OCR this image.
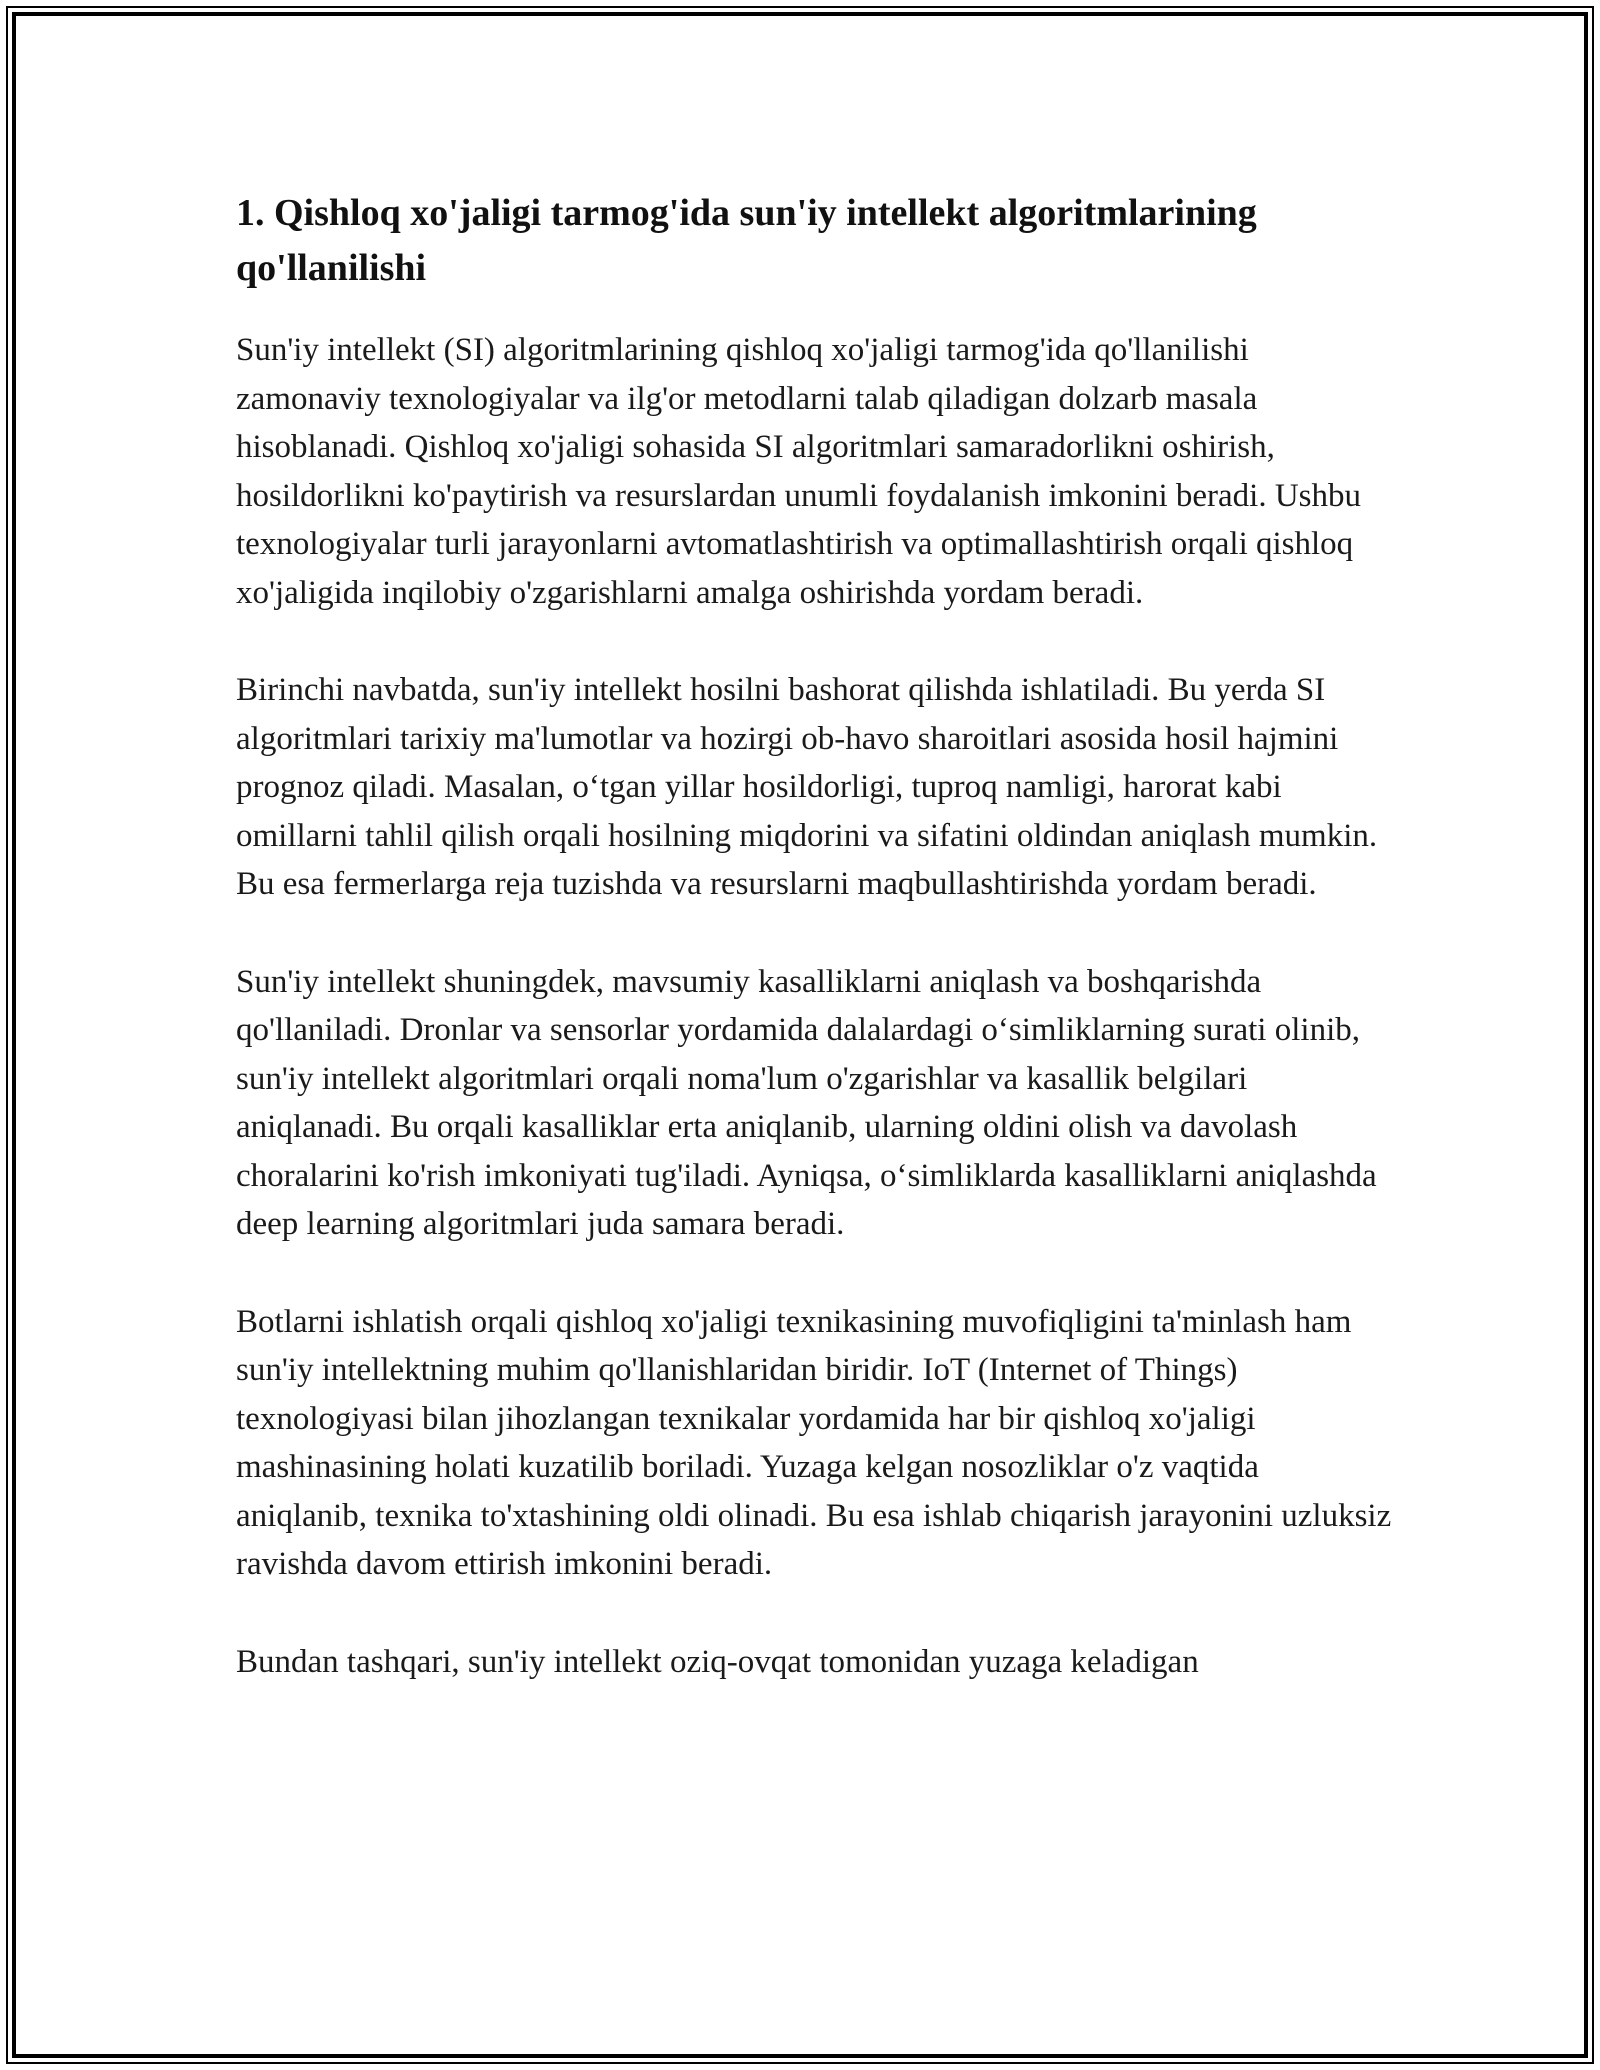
1. Qishloq xo'jaligi tarmog'ida sun'iy intellekt algoritmlarining qo'llanilishi

Sun'iy intellekt (SI) algoritmlarining qishloq xo'jaligi tarmog'ida qo'llanilishi zamonaviy texnologiyalar va ilg'or metodlarni talab qiladigan dolzarb masala hisoblanadi. Qishloq xo'jaligi sohasida SI algoritmlari samaradorlikni oshirish, hosildorlikni ko'paytirish va resurslardan unumli foydalanish imkonini beradi. Ushbu texnologiyalar turli jarayonlarni avtomatlashtirish va optimallashtirish orqali qishloq xo'jaligida inqilobiy o'zgarishlarni amalga oshirishda yordam beradi.

Birinchi navbatda, sun'iy intellekt hosilni bashorat qilishda ishlatiladi. Bu yerda SI algoritmlari tarixiy ma'lumotlar va hozirgi ob-havo sharoitlari asosida hosil hajmini prognoz qiladi. Masalan, o‘tgan yillar hosildorligi, tuproq namligi, harorat kabi omillarni tahlil qilish orqali hosilning miqdorini va sifatini oldindan aniqlash mumkin. Bu esa fermerlarga reja tuzishda va resurslarni maqbullashtirishda yordam beradi.

Sun'iy intellekt shuningdek, mavsumiy kasalliklarni aniqlash va boshqarishda qo'llaniladi. Dronlar va sensorlar yordamida dalalardagi o‘simliklarning surati olinib, sun'iy intellekt algoritmlari orqali noma'lum o'zgarishlar va kasallik belgilari aniqlanadi. Bu orqali kasalliklar erta aniqlanib, ularning oldini olish va davolash choralarini ko'rish imkoniyati tug'iladi. Ayniqsa, o‘simliklarda kasalliklarni aniqlashda deep learning algoritmlari juda samara beradi.

Botlarni ishlatish orqali qishloq xo'jaligi texnikasining muvofiqligini ta'minlash ham sun'iy intellektning muhim qo'llanishlaridan biridir. IoT (Internet of Things) texnologiyasi bilan jihozlangan texnikalar yordamida har bir qishloq xo'jaligi mashinasining holati kuzatilib boriladi. Yuzaga kelgan nosozliklar o'z vaqtida aniqlanib, texnika to'xtashining oldi olinadi. Bu esa ishlab chiqarish jarayonini uzluksiz ravishda davom ettirish imkonini beradi.

Bundan tashqari, sun'iy intellekt oziq-ovqat tomonidan yuzaga keladigan
